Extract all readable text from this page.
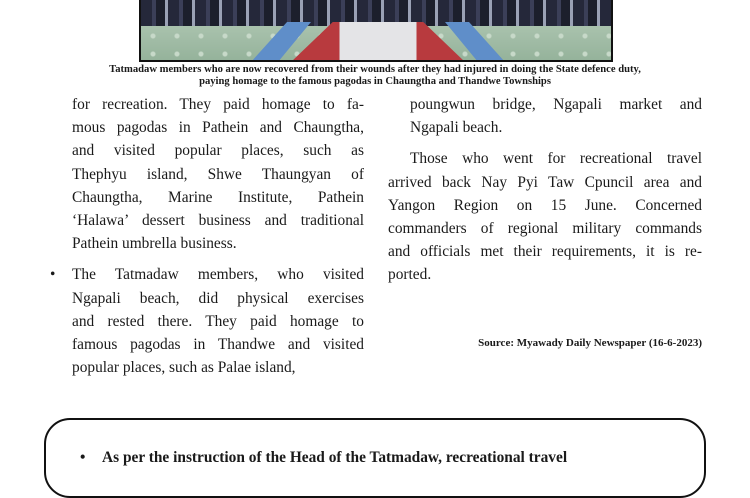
Tatmadaw members who are now recovered from their wounds after they had injured in doing the State defence duty,
paying homage to the famous pagodas in Chaungtha and Thandwe Townships
for recreation. They paid homage to fa-
mous pagodas in Pathein and Chaungtha,
and visited popular places, such as
Thephyu island, Shwe Thaungyan of
Chaungtha, Marine Institute, Pathein
‘Halawa’ dessert business and traditional
Pathein umbrella business.
•	The Tatmadaw members, who visited
Ngapali beach, did physical exercises
and rested there. They paid homage to
famous pagodas in Thandwe and visited
popular places, such as Palae island,
poungwun bridge, Ngapali market and
Ngapali beach.
Those who went for recreational travel
arrived back Nay Pyi Taw Cpuncil area and
Yangon Region on 15 June. Concerned
commanders of regional military commands
and officials met their requirements, it is re-
ported.
Source: Myawady Daily Newspaper (16-6-2023)
• As per the instruction of the Head of the Tatmadaw, recreational travel
